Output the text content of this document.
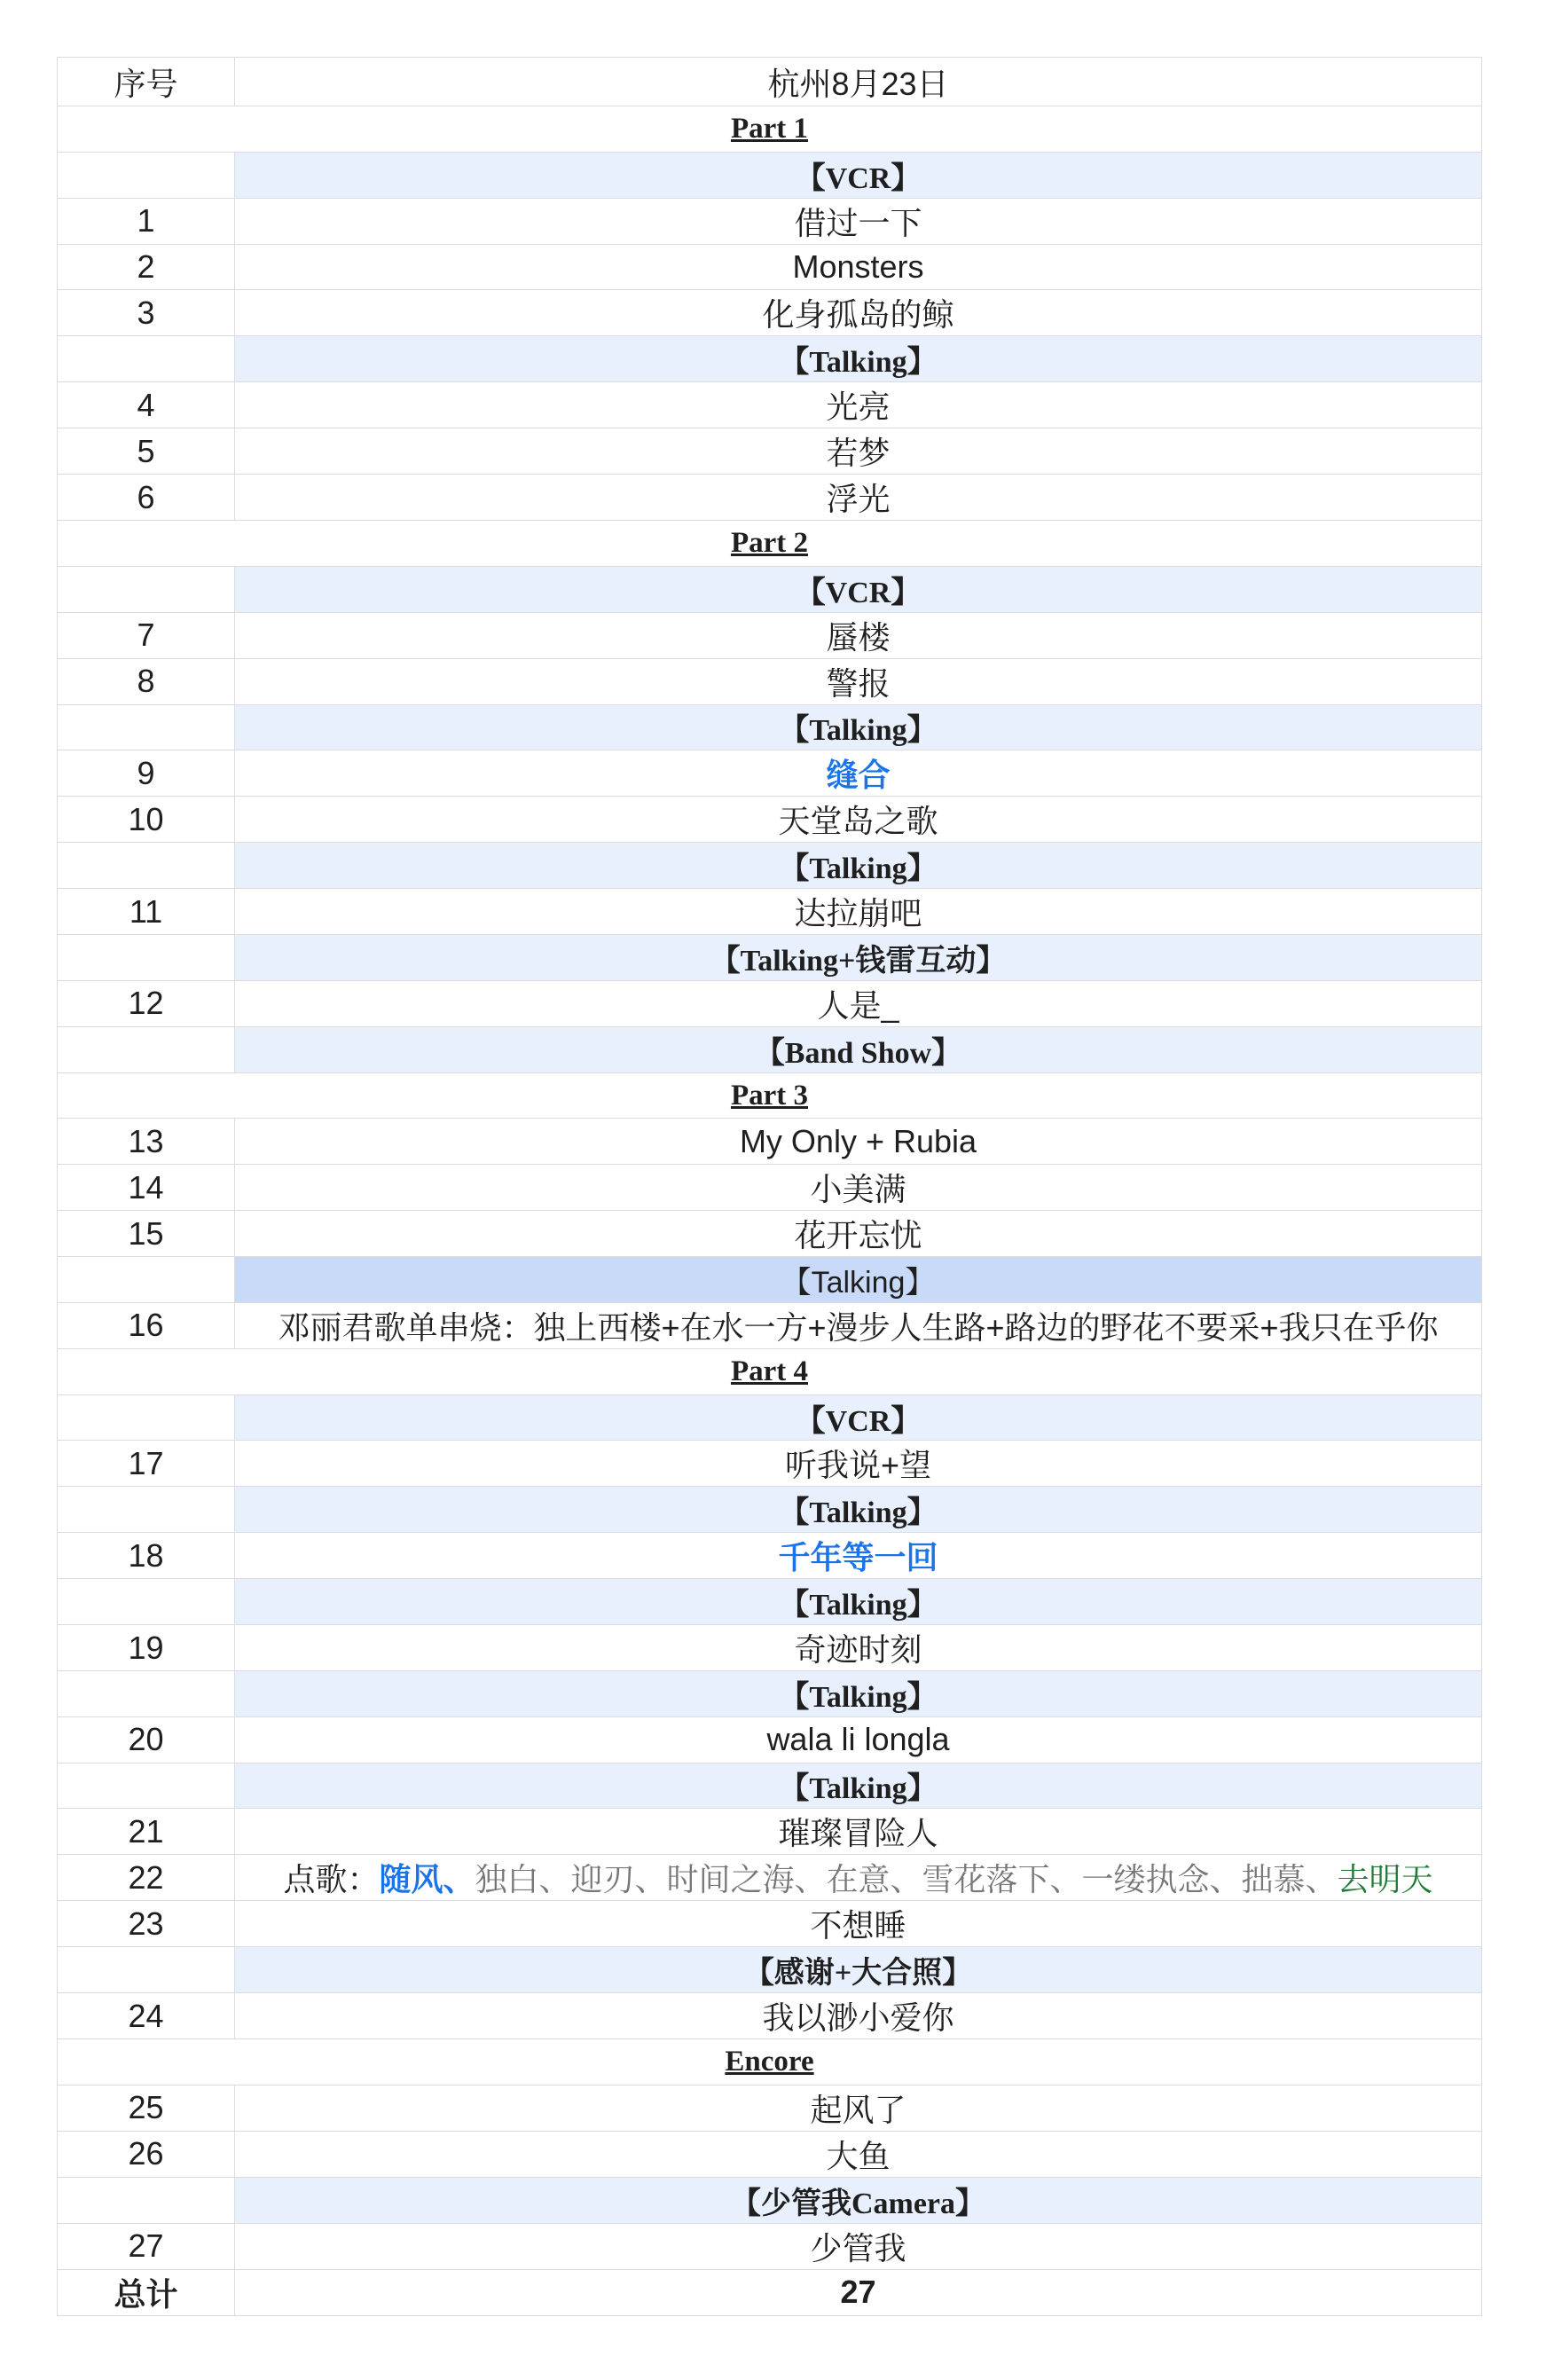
序号	杭州8月23日
Part 1	
	【VCR】
1	借过一下
2	Monsters
3	化身孤岛的鲸
	【Talking】
4	光亮
5	若梦
6	浮光
Part 2	
	【VCR】
7	蜃楼
8	警报
	【Talking】
9	缝合
10	天堂岛之歌
	【Talking】
11	达拉崩吧
	【Talking+钱雷互动】
12	人是_
	【Band Show】
Part 3	
13	My Only + Rubia
14	小美满
15	花开忘忧
	【Talking】
16	邓丽君歌单串烧：独上西楼+在水一方+漫步人生路+路边的野花不要采+我只在乎你
Part 4	
	【VCR】
17	听我说+望
	【Talking】
18	千年等一回
	【Talking】
19	奇迹时刻
	【Talking】
20	wala li longla
	【Talking】
21	璀璨冒险人
22	点歌：随风、独白、迎刃、时间之海、在意、雪花落下、一缕执念、拙慕、去明天
23	不想睡
	【感谢+大合照】
24	我以渺小爱你
Encore	
25	起风了
26	大鱼
	【少管我Camera】
27	少管我
总计	27
